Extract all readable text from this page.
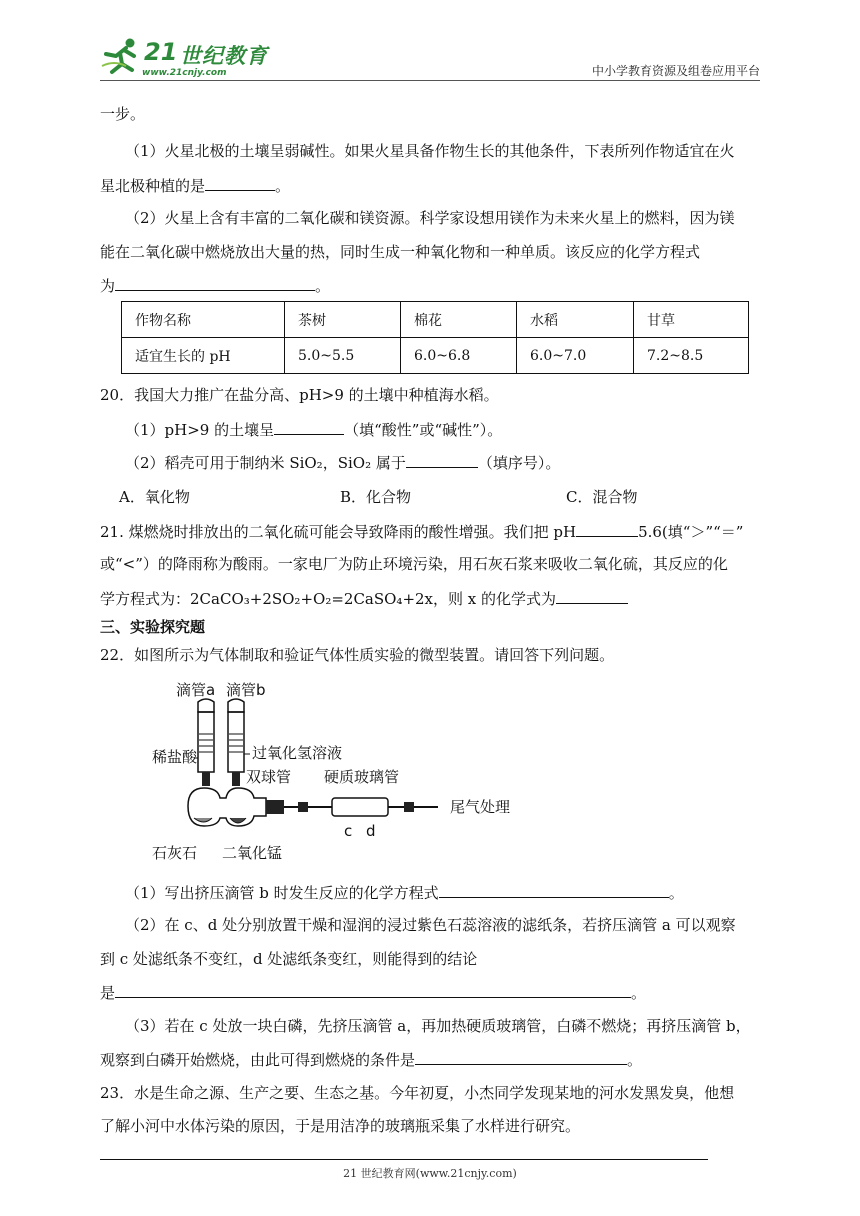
21 世纪教育
www.21cnjy.com	中小学教育资源及组卷应用平台
一步。
（1）火星北极的土壤呈弱碱性。如果火星具备作物生长的其他条件，下表所列作物适宜在火
星北极种植的是	。
（2）火星上含有丰富的二氧化碳和镁资源。科学家设想用镁作为未来火星上的燃料，因为镁
能在二氧化碳中燃烧放出大量的热，同时生成一种氧化物和一种单质。该反应的化学方程式
为	。
作物名称	茶树	棉花	水稻	甘草
适宜生长的 pH	5.0~5.5	6.0~6.8	6.0~7.0	7.2~8.5
20．我国大力推广在盐分高、pH>9 的土壤中种植海水稻。
（1）pH>9 的土壤呈	（填“酸性”或“碱性”）。
（2）稻壳可用于制纳米 SiO₂，SiO₂ 属于	（填序号）。
A．氧化物	B．化合物	C．混合物
21. 煤燃烧时排放出的二氧化硫可能会导致降雨的酸性增强。我们把 pH	5.6(填“＞”“＝”
或“<”）的降雨称为酸雨。一家电厂为防止环境污染，用石灰石浆来吸收二氧化硫，其反应的化
学方程式为：2CaCO₃+2SO₂+O₂=2CaSO₄+2x，则 x 的化学式为
三、实验探究题
22．如图所示为气体制取和验证气体性质实验的微型装置。请回答下列问题。
滴管a 滴管b
稀盐酸	过氧化氢溶液
双球管 硬质玻璃管
c d
尾气处理
石灰石 二氧化锰
（1）写出挤压滴管 b 时发生反应的化学方程式	。
（2）在 c、d 处分别放置干燥和湿润的浸过紫色石蕊溶液的滤纸条，若挤压滴管 a 可以观察
到 c 处滤纸条不变红，d 处滤纸条变红，则能得到的结论
是	。
（3）若在 c 处放一块白磷，先挤压滴管 a，再加热硬质玻璃管，白磷不燃烧；再挤压滴管 b，
观察到白磷开始燃烧，由此可得到燃烧的条件是	。
23．水是生命之源、生产之要、生态之基。今年初夏，小杰同学发现某地的河水发黑发臭，他想
了解小河中水体污染的原因，于是用洁净的玻璃瓶采集了水样进行研究。
21 世纪教育网(www.21cnjy.com)
